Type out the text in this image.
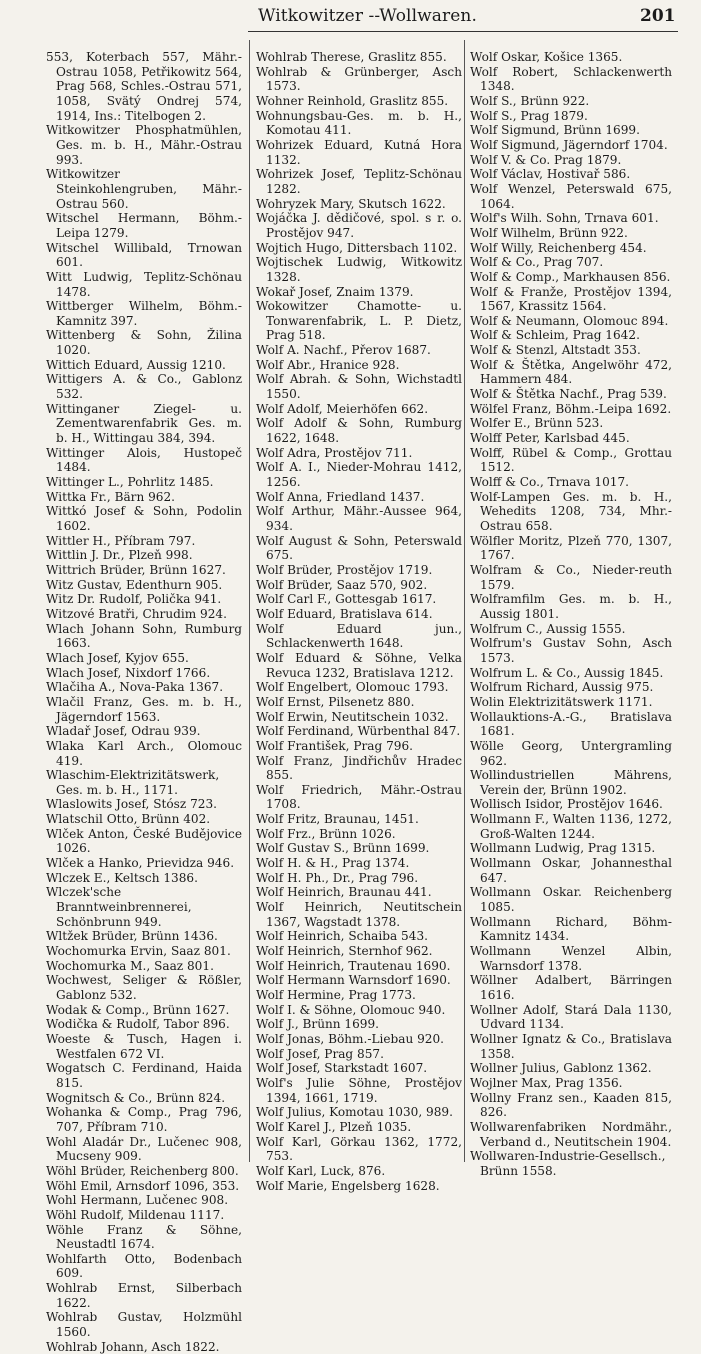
Witkowitzer --Wollwaren.	201
553, Koterbach 557, Mähr.-Ostrau 1058, Petřikowitz 564, Prag 568, Schles.-Ostrau 571, 1058, Svätý Ondrej 574, 1914, Ins.: Titelbogen 2.
Witkowitzer Phosphatmühlen, Ges. m. b. H., Mähr.-Ostrau 993.
Witkowitzer Steinkohlengruben, Mähr.-Ostrau 560.
Witschel Hermann, Böhm.-Leipa 1279.
Witschel Willibald, Trnowan 601.
Witt Ludwig, Teplitz-Schönau 1478.
Wittberger Wilhelm, Böhm.-Kamnitz 397.
Wittenberg & Sohn, Žilina 1020.
Wittich Eduard, Aussig 1210.
Wittigers A. & Co., Gablonz 532.
Wittinganer Ziegel- u. Zementwarenfabrik Ges. m. b. H., Wittingau 384, 394.
Wittinger Alois, Hustopeč 1484.
Wittinger L., Pohrlitz 1485.
Wittka Fr., Bärn 962.
Wittkó Josef & Sohn, Podolin 1602.
Wittler H., Příbram 797.
Wittlin J. Dr., Plzeň 998.
Wittrich Brüder, Brünn 1627.
Witz Gustav, Edenthurn 905.
Witz Dr. Rudolf, Polička 941.
Witzové Bratři, Chrudim 924.
Wlach Johann Sohn, Rumburg 1663.
Wlach Josef, Kyjov 655.
Wlach Josef, Nixdorf 1766.
Wlačiha A., Nova-Paka 1367.
Wlačil Franz, Ges. m. b. H., Jägerndorf 1563.
Wladař Josef, Odrau 939.
Wlaka Karl Arch., Olomouc 419.
Wlaschim-Elektrizitätswerk, Ges. m. b. H., 1171.
Wlaslowits Josef, Stósz 723.
Wlatschil Otto, Brünn 402.
Wlček Anton, České Budějovice 1026.
Wlček a Hanko, Prievidza 946.
Wlczek E., Keltsch 1386.
Wlczek'sche Branntweinbrennerei, Schönbrunn 949.
Wltžek Brüder, Brünn 1436.
Wochomurka Ervin, Saaz 801.
Wochomurka M., Saaz 801.
Wochwest, Seliger & Rößler, Gablonz 532.
Wodak & Comp., Brünn 1627.
Wodička & Rudolf, Tabor 896.
Woeste & Tusch, Hagen i. Westfalen 672 VI.
Wogatsch C. Ferdinand, Haida 815.
Wognitsch & Co., Brünn 824.
Wohanka & Comp., Prag 796, 707, Příbram 710.
Wohl Aladár Dr., Lučenec 908, Mucseny 909.
Wöhl Brüder, Reichenberg 800.
Wöhl Emil, Arnsdorf 1096, 353.
Wohl Hermann, Lučenec 908.
Wöhl Rudolf, Mildenau 1117.
Wöhle Franz & Söhne, Neustadtl 1674.
Wohlfarth Otto, Bodenbach 609.
Wohlrab Ernst, Silberbach 1622.
Wohlrab Gustav, Holzmühl 1560.
Wohlrab Johann, Asch 1822.
Wohlrab Therese, Graslitz 855.
Wohlrab & Grünberger, Asch 1573.
Wohner Reinhold, Graslitz 855.
Wohnungsbau-Ges. m. b. H., Komotau 411.
Wohrizek Eduard, Kutná Hora 1132.
Wohrizek Josef, Teplitz-Schönau 1282.
Wohryzek Mary, Skutsch 1622.
Wojáčka J. dědičové, spol. s r. o. Prostějov 947.
Wojtich Hugo, Dittersbach 1102.
Wojtischek Ludwig, Witkowitz 1328.
Wokař Josef, Znaim 1379.
Wokowitzer Chamotte- u. Tonwarenfabrik, L. P. Dietz, Prag 518.
Wolf A. Nachf., Přerov 1687.
Wolf Abr., Hranice 928.
Wolf Abrah. & Sohn, Wichstadtl 1550.
Wolf Adolf, Meierhöfen 662.
Wolf Adolf & Sohn, Rumburg 1622, 1648.
Wolf Adra, Prostějov 711.
Wolf A. I., Nieder-Mohrau 1412, 1256.
Wolf Anna, Friedland 1437.
Wolf Arthur, Mähr.-Aussee 964, 934.
Wolf August & Sohn, Peterswald 675.
Wolf Brüder, Prostějov 1719.
Wolf Brüder, Saaz 570, 902.
Wolf Carl F., Gottesgab 1617.
Wolf Eduard, Bratislava 614.
Wolf Eduard jun., Schlackenwerth 1648.
Wolf Eduard & Söhne, Velka Revuca 1232, Bratislava 1212.
Wolf Engelbert, Olomouc 1793.
Wolf Ernst, Pilsenetz 880.
Wolf Erwin, Neutitschein 1032.
Wolf Ferdinand, Würbenthal 847.
Wolf František, Prag 796.
Wolf Franz, Jindřichův Hradec 855.
Wolf Friedrich, Mähr.-Ostrau 1708.
Wolf Fritz, Braunau, 1451.
Wolf Frz., Brünn 1026.
Wolf Gustav S., Brünn 1699.
Wolf H. & H., Prag 1374.
Wolf H. Ph., Dr., Prag 796.
Wolf Heinrich, Braunau 441.
Wolf Heinrich, Neutitschein 1367, Wagstadt 1378.
Wolf Heinrich, Schaiba 543.
Wolf Heinrich, Sternhof 962.
Wolf Heinrich, Trautenau 1690.
Wolf Hermann Warnsdorf 1690.
Wolf Hermine, Prag 1773.
Wolf I. & Söhne, Olomouc 940.
Wolf J., Brünn 1699.
Wolf Jonas, Böhm.-Liebau 920.
Wolf Josef, Prag 857.
Wolf Josef, Starkstadt 1607.
Wolf's Julie Söhne, Prostějov 1394, 1661, 1719.
Wolf Julius, Komotau 1030, 989.
Wolf Karel J., Plzeň 1035.
Wolf Karl, Görkau 1362, 1772, 753.
Wolf Karl, Luck, 876.
Wolf Marie, Engelsberg 1628.
Wolf Oskar, Košice 1365.
Wolf Robert, Schlackenwerth 1348.
Wolf S., Brünn 922.
Wolf S., Prag 1879.
Wolf Sigmund, Brünn 1699.
Wolf Sigmund, Jägerndorf 1704.
Wolf V. & Co. Prag 1879.
Wolf Václav, Hostivař 586.
Wolf Wenzel, Peterswald 675, 1064.
Wolf's Wilh. Sohn, Trnava 601.
Wolf Wilhelm, Brünn 922.
Wolf Willy, Reichenberg 454.
Wolf & Co., Prag 707.
Wolf & Comp., Markhausen 856.
Wolf & Franže, Prostějov 1394, 1567, Krassitz 1564.
Wolf & Neumann, Olomouc 894.
Wolf & Schleim, Prag 1642.
Wolf & Stenzl, Altstadt 353.
Wolf & Štětka, Angelwöhr 472, Hammern 484.
Wolf & Štětka Nachf., Prag 539.
Wölfel Franz, Böhm.-Leipa 1692.
Wolfer E., Brünn 523.
Wolff Peter, Karlsbad 445.
Wolff, Rübel & Comp., Grottau 1512.
Wolff & Co., Trnava 1017.
Wolf-Lampen Ges. m. b. H., Wehedits 1208, 734, Mhr.-Ostrau 658.
Wölfler Moritz, Plzeň 770, 1307, 1767.
Wolfram & Co., Nieder-reuth 1579.
Wolframfilm Ges. m. b. H., Aussig 1801.
Wolfrum C., Aussig 1555.
Wolfrum's Gustav Sohn, Asch 1573.
Wolfrum L. & Co., Aussig 1845.
Wolfrum Richard, Aussig 975.
Wolin Elektrizitätswerk 1171.
Wollauktions-A.-G., Bratislava 1681.
Wölle Georg, Untergramling 962.
Wollindustriellen Mährens, Verein der, Brünn 1902.
Wollisch Isidor, Prostějov 1646.
Wollmann F., Walten 1136, 1272, Groß-Walten 1244.
Wollmann Ludwig, Prag 1315.
Wollmann Oskar, Johannesthal 647.
Wollmann Oskar. Reichenberg 1085.
Wollmann Richard, Böhm-Kamnitz 1434.
Wollmann Wenzel Albin, Warnsdorf 1378.
Wöllner Adalbert, Bärringen 1616.
Wollner Adolf, Stará Dala 1130, Udvard 1134.
Wollner Ignatz & Co., Bratislava 1358.
Wollner Julius, Gablonz 1362.
Wojlner Max, Prag 1356.
Wollny Franz sen., Kaaden 815, 826.
Wollwarenfabriken Nordmähr., Verband d., Neutitschein 1904.
Wollwaren-Industrie-Gesellsch., Brünn 1558.
